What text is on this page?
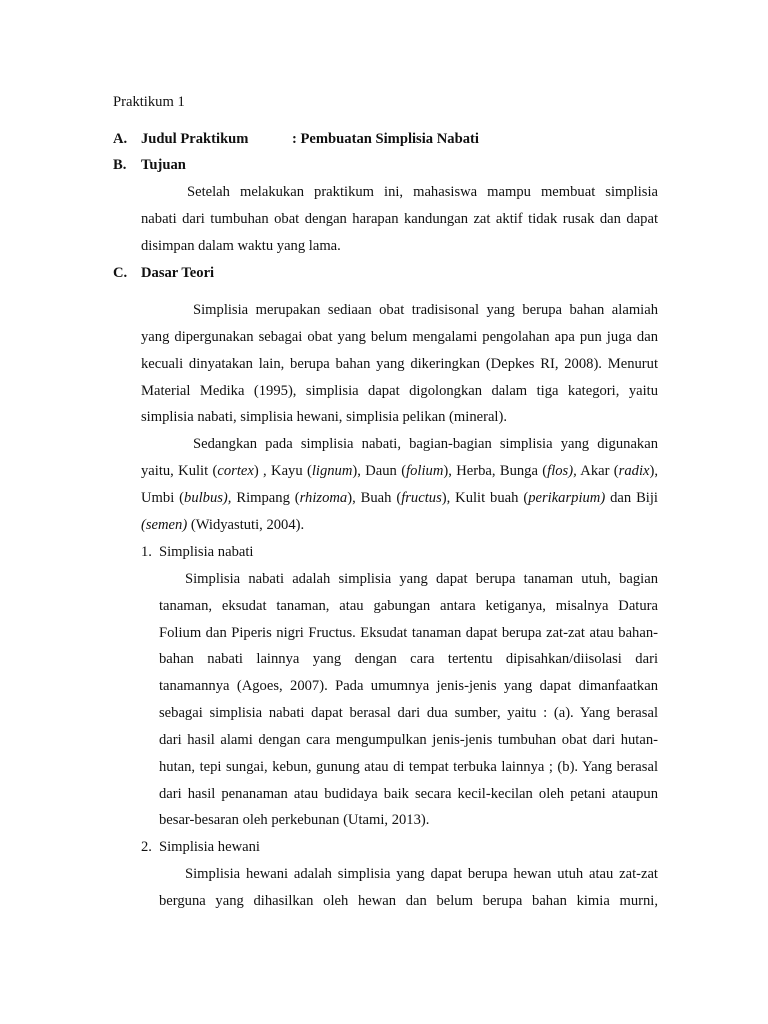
Praktikum 1
A. Judul Praktikum	: Pembuatan Simplisia Nabati
B. Tujuan
Setelah melakukan praktikum ini, mahasiswa mampu membuat simplisia
nabati dari tumbuhan obat dengan harapan kandungan zat aktif tidak rusak dan dapat
disimpan dalam waktu yang lama.
C. Dasar Teori
Simplisia merupakan sediaan obat tradisisonal yang berupa bahan alamiah
yang dipergunakan sebagai obat yang belum mengalami pengolahan apa pun juga dan
kecuali dinyatakan lain, berupa bahan yang dikeringkan (Depkes RI, 2008). Menurut
Material Medika (1995), simplisia dapat digolongkan dalam tiga kategori, yaitu
simplisia nabati, simplisia hewani, simplisia pelikan (mineral).
Sedangkan pada simplisia nabati, bagian-bagian simplisia yang digunakan
yaitu, Kulit (cortex) , Kayu (lignum), Daun (folium), Herba, Bunga (flos), Akar (radix),
Umbi (bulbus), Rimpang (rhizoma), Buah (fructus), Kulit buah (perikarpium) dan Biji
(semen) (Widyastuti, 2004).
1. Simplisia nabati
Simplisia nabati adalah simplisia yang dapat berupa tanaman utuh, bagian
tanaman, eksudat tanaman, atau gabungan antara ketiganya, misalnya Datura
Folium dan Piperis nigri Fructus. Eksudat tanaman dapat berupa zat-zat atau bahan-
bahan nabati lainnya yang dengan cara tertentu dipisahkan/diisolasi dari
tanamannya (Agoes, 2007). Pada umumnya jenis-jenis yang dapat dimanfaatkan
sebagai simplisia nabati dapat berasal dari dua sumber, yaitu : (a). Yang berasal
dari hasil alami dengan cara mengumpulkan jenis-jenis tumbuhan obat dari hutan-
hutan, tepi sungai, kebun, gunung atau di tempat terbuka lainnya ; (b). Yang berasal
dari hasil penanaman atau budidaya baik secara kecil-kecilan oleh petani ataupun
besar-besaran oleh perkebunan (Utami, 2013).
2. Simplisia hewani
Simplisia hewani adalah simplisia yang dapat berupa hewan utuh atau zat-zat
berguna yang dihasilkan oleh hewan dan belum berupa bahan kimia murni,
